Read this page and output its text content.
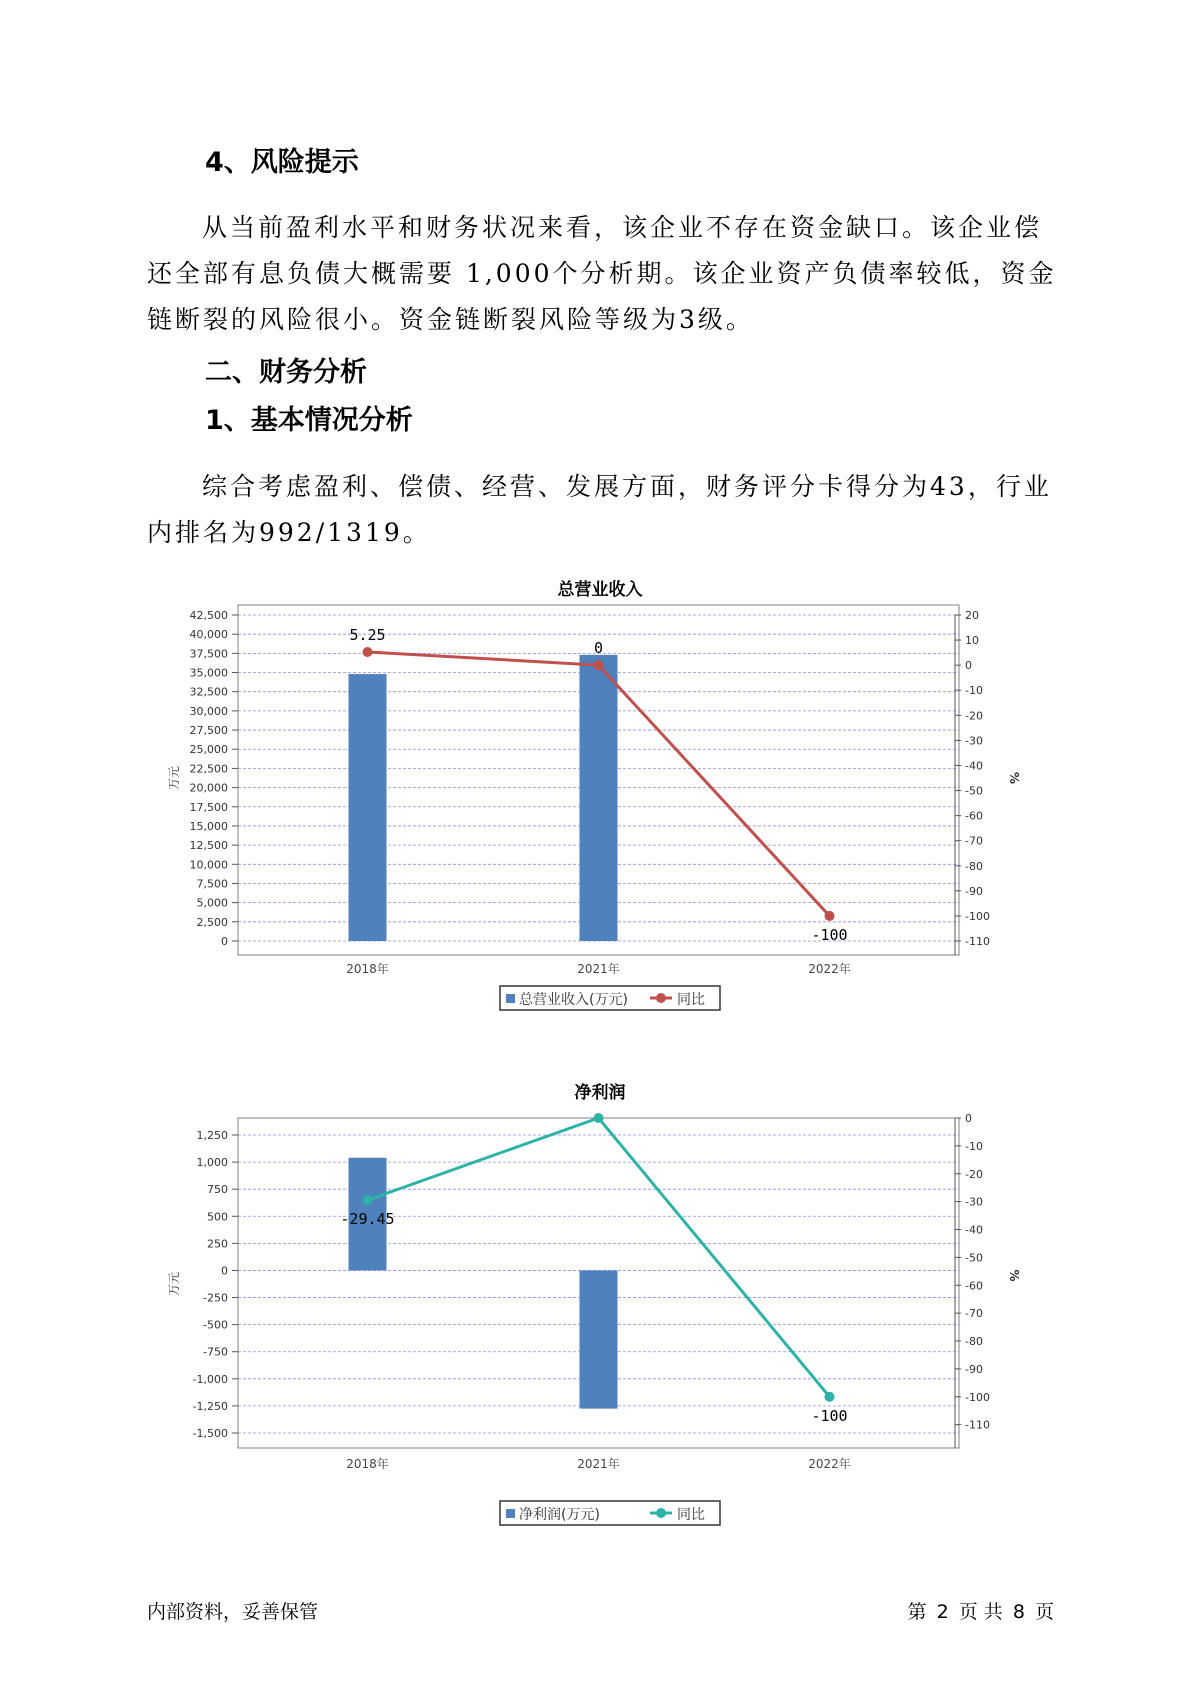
4、风险提示

从当前盈利水平和财务状况来看，该企业不存在资金缺口。该企业偿
还全部有息负债大概需要 1,000个分析期。该企业资产负债率较低，资金
链断裂的风险很小。资金链断裂风险等级为3级。

二、财务分析
1、基本情况分析

综合考虑盈利、偿债、经营、发展方面，财务评分卡得分为43，行业
内排名为992/1319。

总营业收入
42,500
40,000
37,500
35,000
32,500
30,000
27,500
25,000
22,500
20,000
17,500
15,000
12,500
10,000
7,500
5,000
2,500
0
万元
20
10
0
-10
-20
-30
-40
-50
-60
-70
-80
-90
-100
-110
%
2018年	2021年	2022年
5.25
0
-100
总营业收入(万元)	同比
净利润
1,250
1,000
750
500
250
0
-250
-500
-750
-1,000
-1,250
-1,500
万元
0
-10
-20
-30
-40
-50
-60
-70
-80
-90
-100
-110
%
2018年	2021年	2022年
-29.45
-100
净利润(万元)	同比
内部资料，妥善保管	第 2 页 共 8 页
